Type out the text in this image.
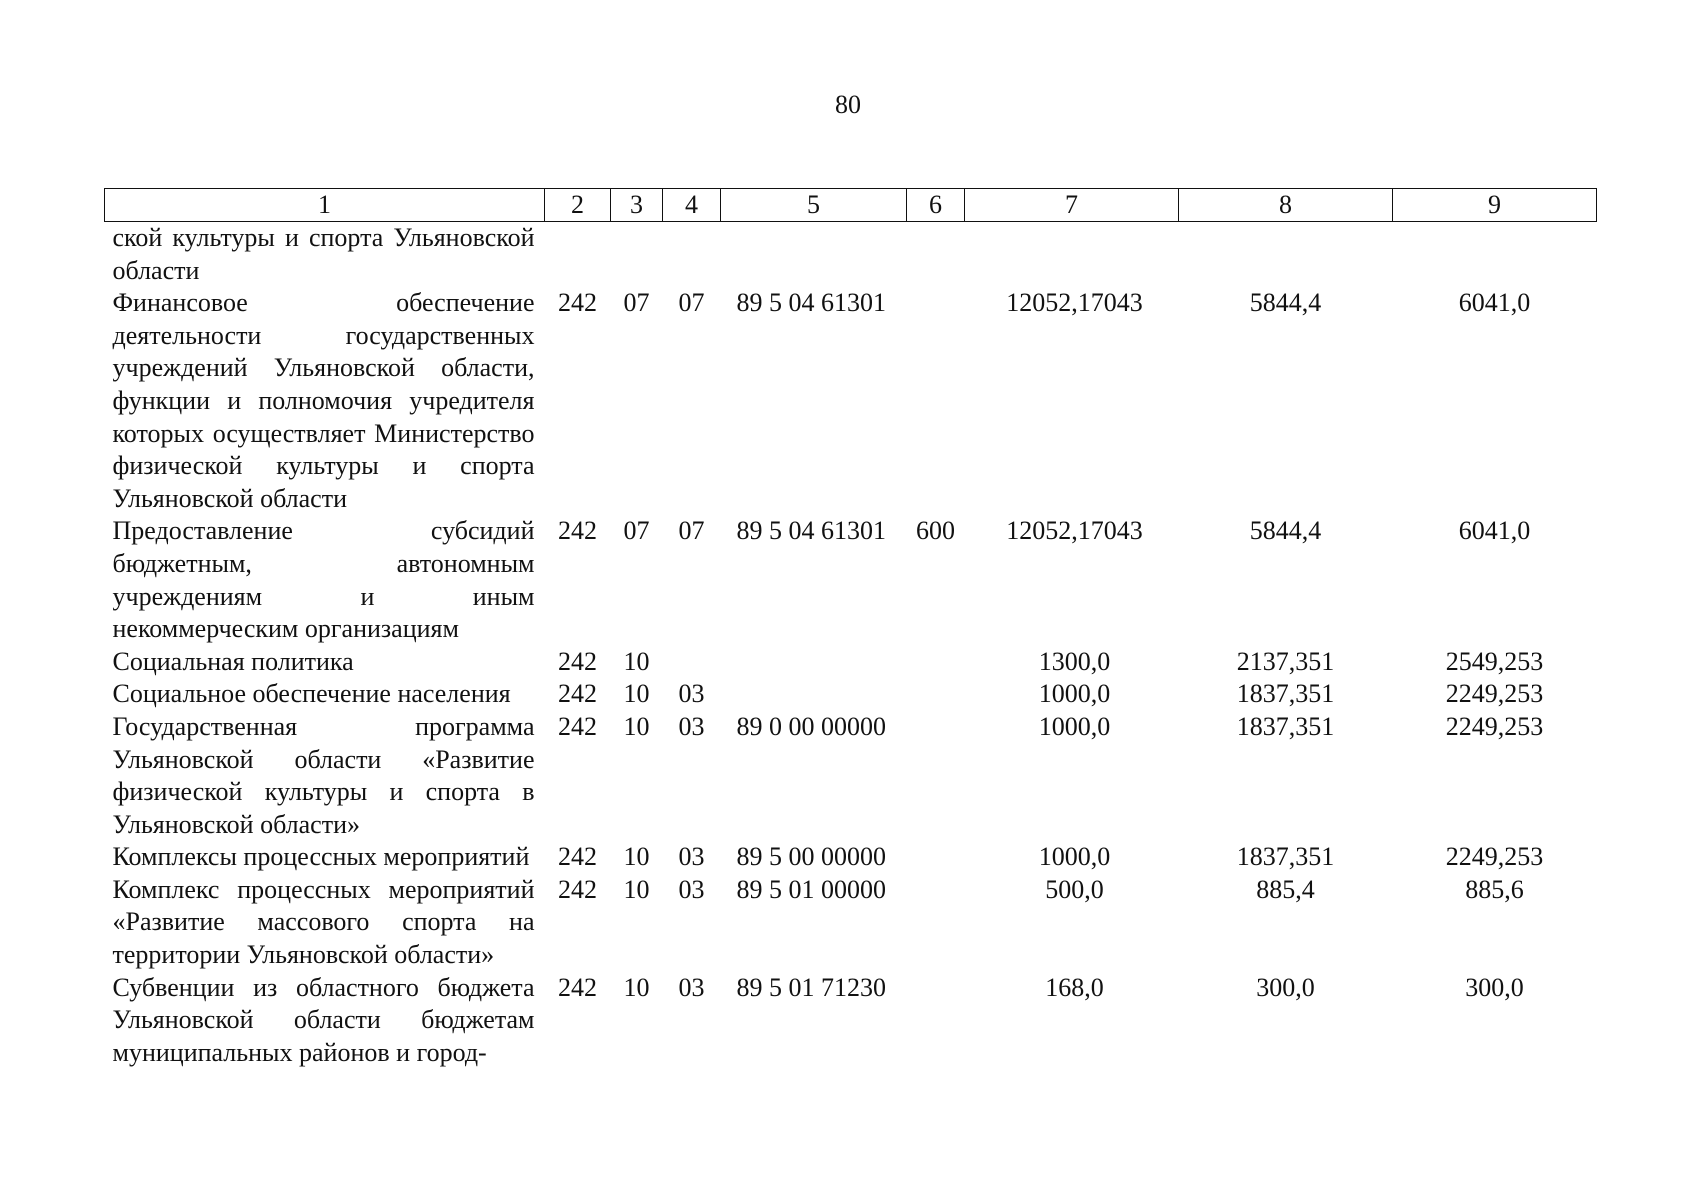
80
1	2	3	4	5	6	7	8	9
ской культуры и спорта Ульяновской области								
Финансовое обеспечение деятельности государственных учреждений Ульяновской области, функции и полномочия учредителя которых осуществляет Министерство физической культуры и спорта Ульяновской области	242	07	07	89 5 04 61301		12052,17043	5844,4	6041,0
Предоставление субсидий бюджетным, автономным учреждениям и иным некоммерческим организациям	242	07	07	89 5 04 61301	600	12052,17043	5844,4	6041,0
Социальная политика	242	10				1300,0	2137,351	2549,253
Социальное обеспечение населения	242	10	03			1000,0	1837,351	2249,253
Государственная программа Ульяновской области «Развитие физической культуры и спорта в Ульяновской области»	242	10	03	89 0 00 00000		1000,0	1837,351	2249,253
Комплексы процессных мероприятий	242	10	03	89 5 00 00000		1000,0	1837,351	2249,253
Комплекс процессных мероприятий «Развитие массового спорта на территории Ульяновской области»	242	10	03	89 5 01 00000		500,0	885,4	885,6
Субвенции из областного бюджета Ульяновской области бюджетам муниципальных районов и город-	242	10	03	89 5 01 71230		168,0	300,0	300,0
